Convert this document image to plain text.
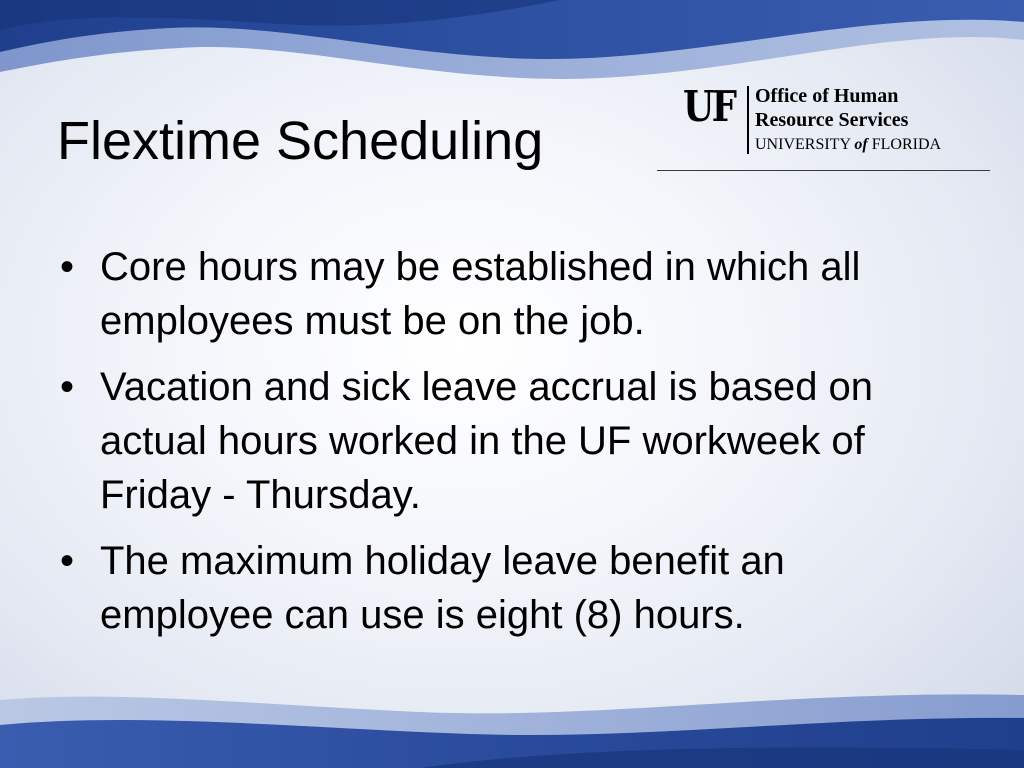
Flextime Scheduling
UF Office of Human
Resource Services
UNIVERSITY of FLORIDA
• Core hours may be established in which all employees must be on the job.
• Vacation and sick leave accrual is based on actual hours worked in the UF workweek of Friday - Thursday.
• The maximum holiday leave benefit an employee can use is eight (8) hours.
